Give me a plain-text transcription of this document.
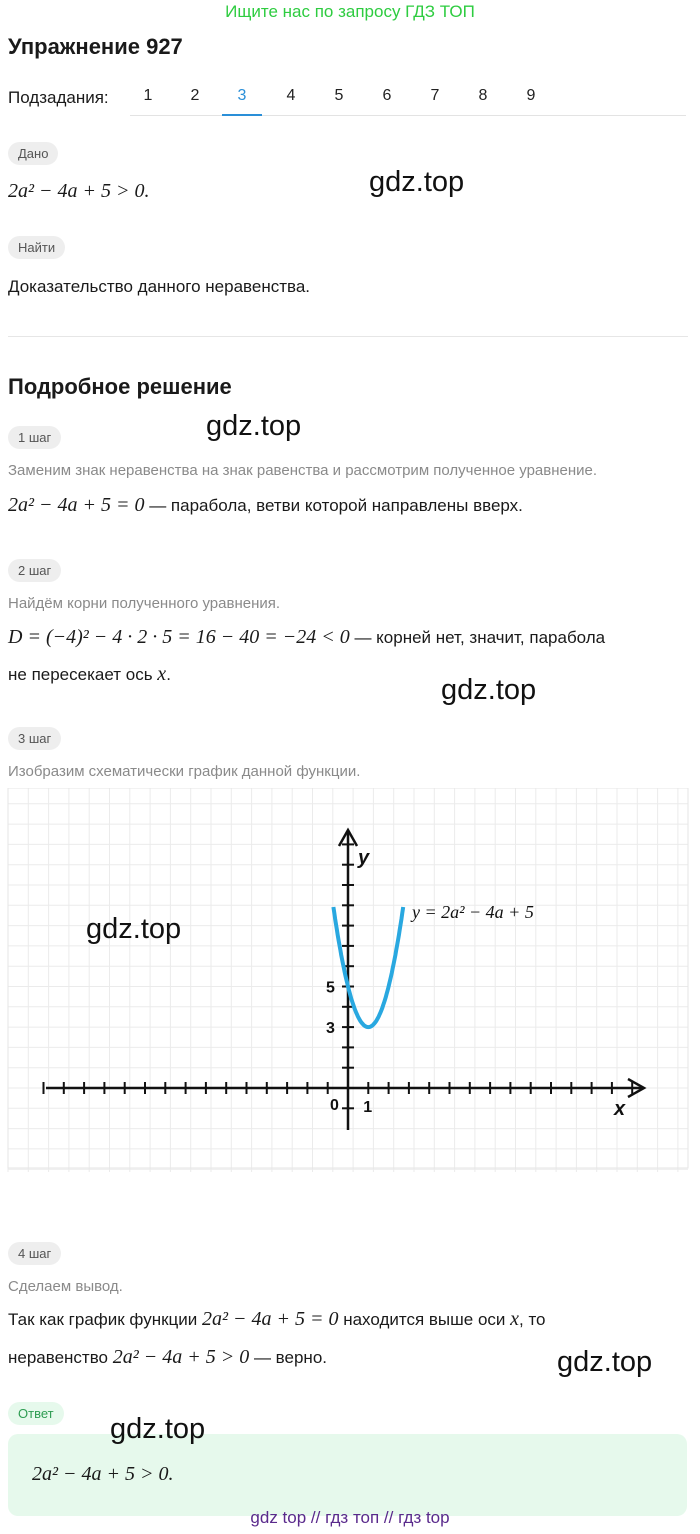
Ищите нас по запросу ГДЗ ТОП
Упражнение 927
Подзадания:	1	2	3	4	5	6	7	8	9
Дано
2a² − 4a + 5 > 0.	gdz.top
Найти
Доказательство данного неравенства.
Подробное решение
gdz.top
1 шаг
Заменим знак неравенства на знак равенства и рассмотрим полученное уравнение.
2a² − 4a + 5 = 0 — парабола, ветви которой направлены вверх.
2 шаг
Найдём корни полученного уравнения.
D = (−4)² − 4 · 2 · 5 = 16 − 40 = −24 < 0 — корней нет, значит, парабола
не пересекает ось x.	gdz.top
3 шаг
Изобразим схематически график данной функции.
y
x
0 1
3
5
y = 2a² − 4a + 5
gdz.top
4 шаг
Сделаем вывод.
Так как график функции 2a² − 4a + 5 = 0 находится выше оси x, то
неравенство 2a² − 4a + 5 > 0 — верно.	gdz.top
Ответ
2a² − 4a + 5 > 0.
gdz.top
gdz top // гдз топ // гдз top
